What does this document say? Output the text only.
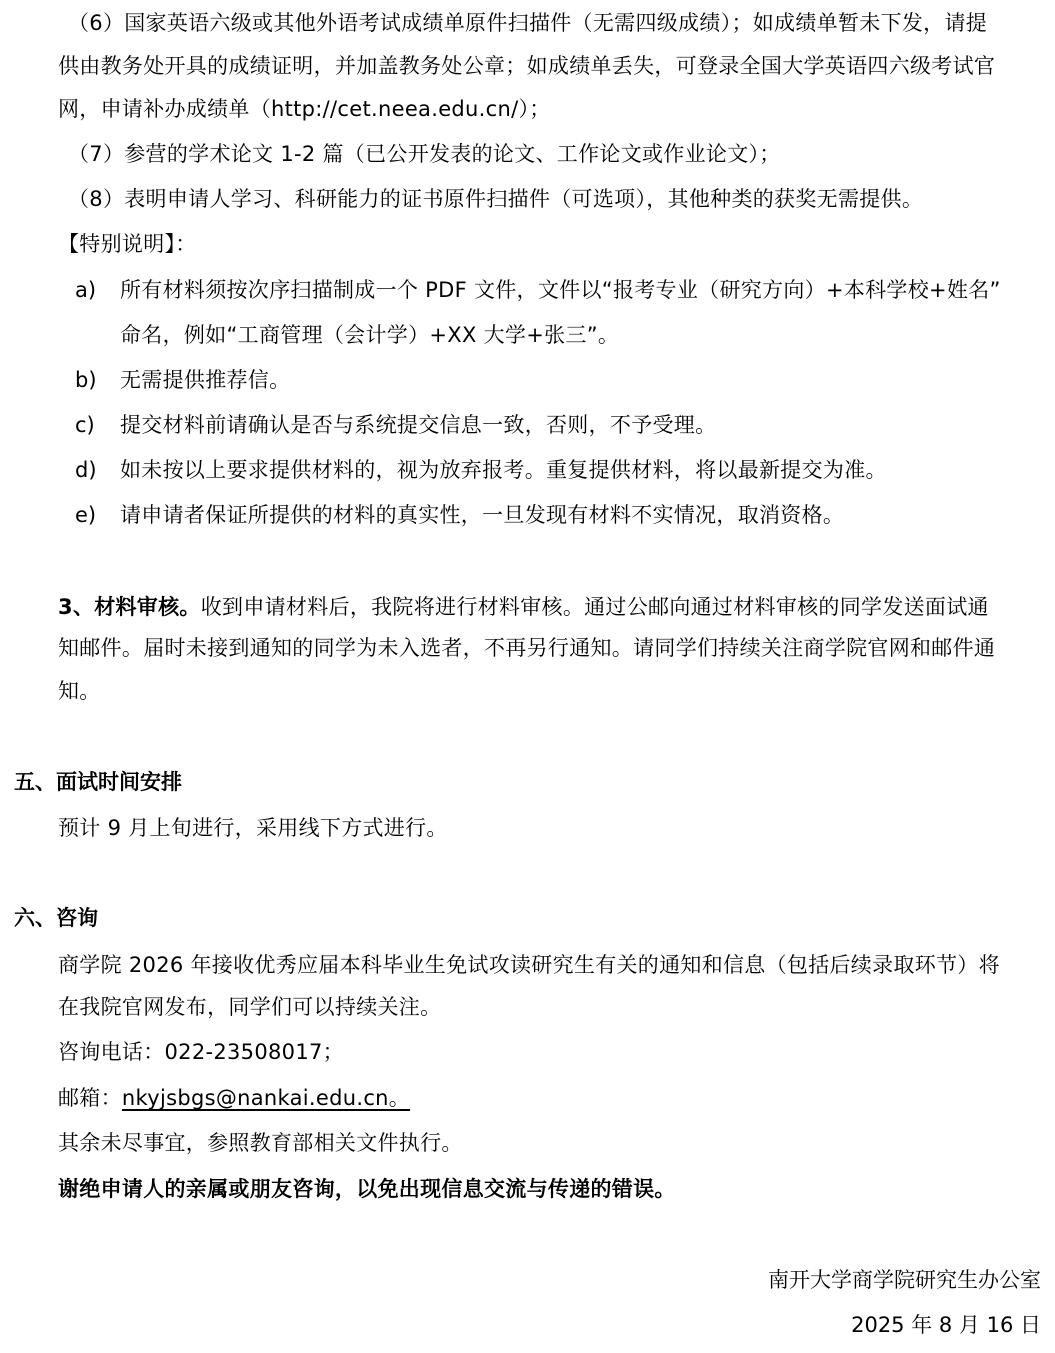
（6）国家英语六级或其他外语考试成绩单原件扫描件（无需四级成绩）；如成绩单暂未下发，请提
供由教务处开具的成绩证明，并加盖教务处公章；如成绩单丢失，可登录全国大学英语四六级考试官
网，申请补办成绩单（http://cet.neea.edu.cn/）；
（7）参营的学术论文 1-2 篇（已公开发表的论文、工作论文或作业论文）；
（8）表明申请人学习、科研能力的证书原件扫描件（可选项），其他种类的获奖无需提供。
【特别说明】：
a) 所有材料须按次序扫描制成一个 PDF 文件，文件以“报考专业（研究方向）+本科学校+姓名”
命名，例如“工商管理（会计学）+XX 大学+张三”。
b) 无需提供推荐信。
c) 提交材料前请确认是否与系统提交信息一致，否则，不予受理。
d) 如未按以上要求提供材料的，视为放弃报考。重复提供材料，将以最新提交为准。
e) 请申请者保证所提供的材料的真实性，一旦发现有材料不实情况，取消资格。
3、材料审核。收到申请材料后，我院将进行材料审核。通过公邮向通过材料审核的同学发送面试通
知邮件。届时未接到通知的同学为未入选者，不再另行通知。请同学们持续关注商学院官网和邮件通
知。
五、面试时间安排
预计 9 月上旬进行，采用线下方式进行。
六、咨询
商学院 2026 年接收优秀应届本科毕业生免试攻读研究生有关的通知和信息（包括后续录取环节）将
在我院官网发布，同学们可以持续关注。
咨询电话：022-23508017；
邮箱：nkyjsbgs@nankai.edu.cn。
其余未尽事宜，参照教育部相关文件执行。
谢绝申请人的亲属或朋友咨询，以免出现信息交流与传递的错误。
南开大学商学院研究生办公室
2025 年 8 月 16 日
